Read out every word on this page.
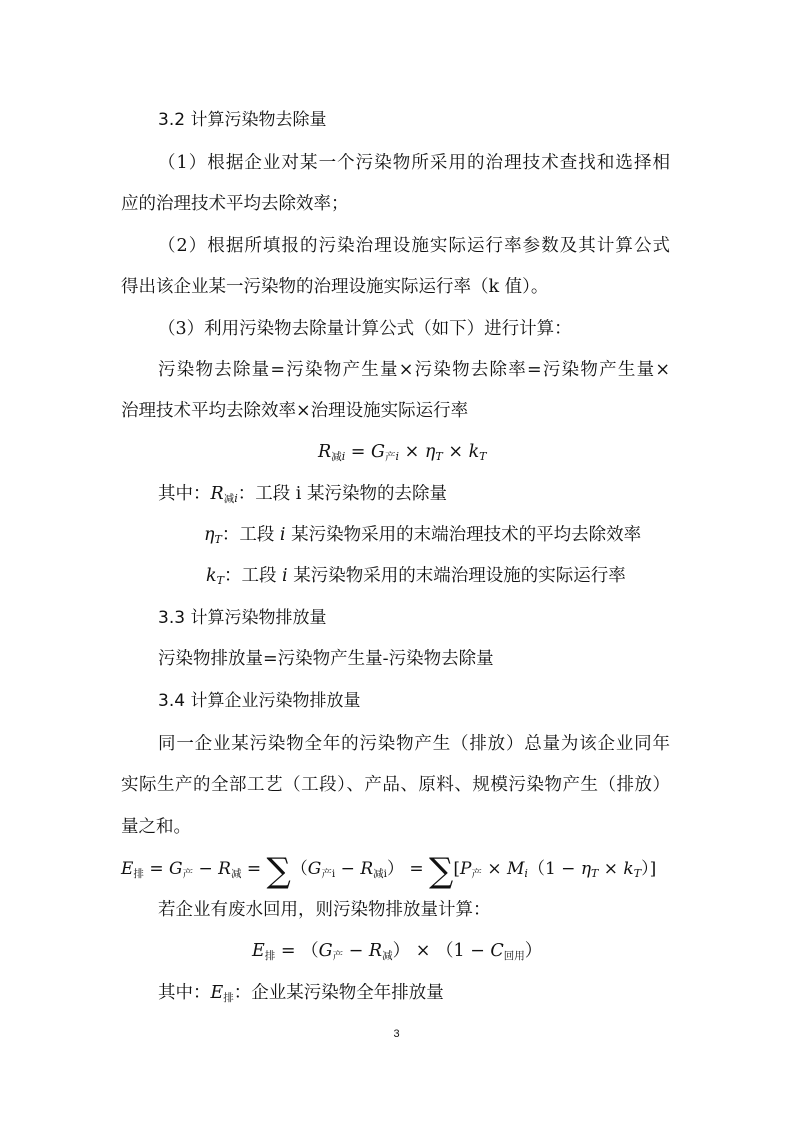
3.2 计算污染物去除量
（1）根据企业对某一个污染物所采用的治理技术查找和选择相
应的治理技术平均去除效率；
（2）根据所填报的污染治理设施实际运行率参数及其计算公式
得出该企业某一污染物的治理设施实际运行率（k 值）。
（3）利用污染物去除量计算公式（如下）进行计算：
污染物去除量=污染物产生量×污染物去除率=污染物产生量×
治理技术平均去除效率×治理设施实际运行率
$R_减i = G_产i \times \eta T$ × kT
其中：$R_减i$：工段 i 某污染物的去除量
ηT：工段 i 某污染物采用的末端治理技术的平均去除效率
kT：工段 i 某污染物采用的末端治理设施的实际运行率
3.3 计算污染物排放量
污染物排放量=污染物产生量-污染物去除量
3.4 计算企业污染物排放量
同一企业某污染物全年的污染物产生（排放）总量为该企业同年
实际生产的全部工艺（工段）、产品、原料、规模污染物产生（排放）
量之和。
$E_排 = G_产 - R_减 = \sum(G_{产i} - R_{减i}) = \sum[P_产 \times Mi(1 - \eta T \times kT)]$
若企业有废水回用，则污染物排放量计算：
$E_排 = (G_产 - R_减) \times (1 - C_{回用})$
其中：$E_排$：企业某污染物全年排放量
3
